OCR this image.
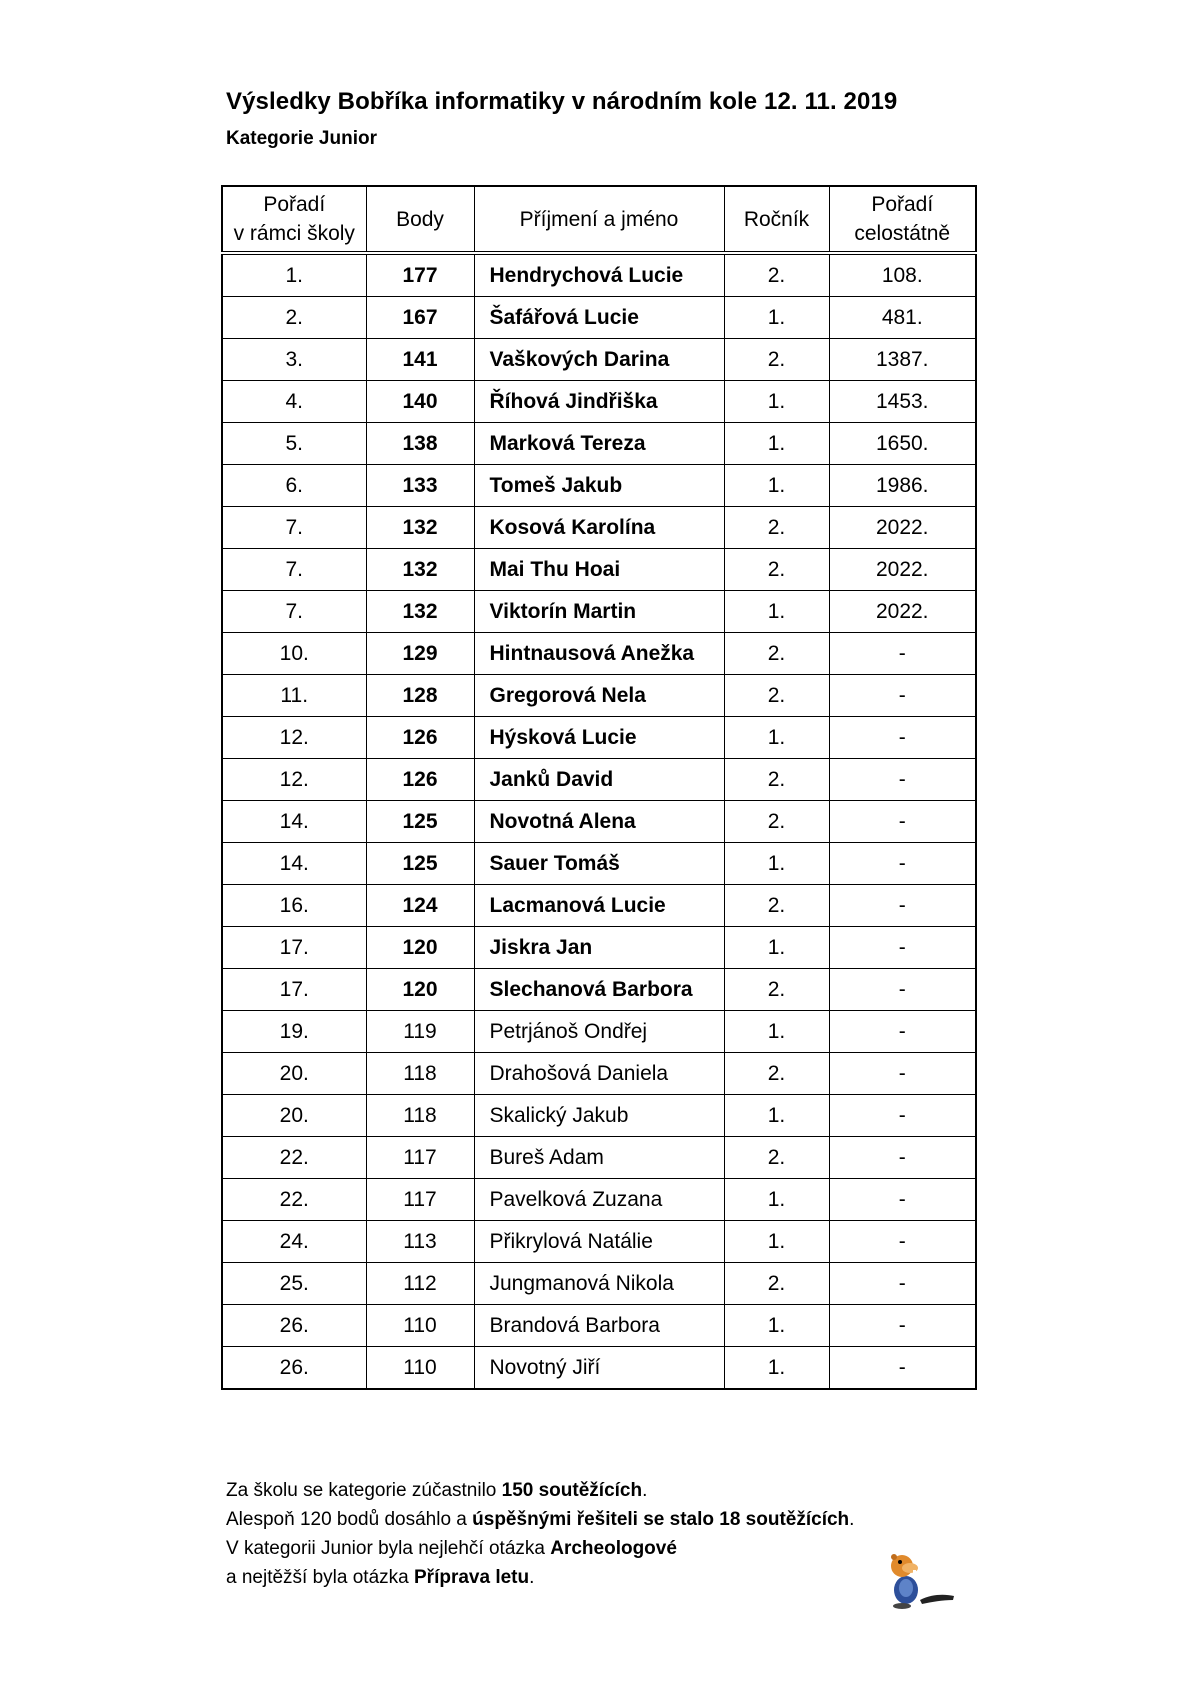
Výsledky Bobříka informatiky v národním kole 12. 11. 2019
Kategorie Junior
Pořadí
v rámci školy	Body	Příjmení a jméno	Ročník	Pořadí
celostátně
1.	177	Hendrychová Lucie	2.	108.
2.	167	Šafářová Lucie	1.	481.
3.	141	Vaškových Darina	2.	1387.
4.	140	Říhová Jindřiška	1.	1453.
5.	138	Marková Tereza	1.	1650.
6.	133	Tomeš Jakub	1.	1986.
7.	132	Kosová Karolína	2.	2022.
7.	132	Mai Thu Hoai	2.	2022.
7.	132	Viktorín Martin	1.	2022.
10.	129	Hintnausová Anežka	2.	-
11.	128	Gregorová Nela	2.	-
12.	126	Hýsková Lucie	1.	-
12.	126	Janků David	2.	-
14.	125	Novotná Alena	2.	-
14.	125	Sauer Tomáš	1.	-
16.	124	Lacmanová Lucie	2.	-
17.	120	Jiskra Jan	1.	-
17.	120	Slechanová Barbora	2.	-
19.	119	Petrjánoš Ondřej	1.	-
20.	118	Drahošová Daniela	2.	-
20.	118	Skalický Jakub	1.	-
22.	117	Bureš Adam	2.	-
22.	117	Pavelková Zuzana	1.	-
24.	113	Přikrylová Natálie	1.	-
25.	112	Jungmanová Nikola	2.	-
26.	110	Brandová Barbora	1.	-
26.	110	Novotný Jiří	1.	-

Za školu se kategorie zúčastnilo 150 soutěžících.

Alespoň 120 bodů dosáhlo a úspěšnými řešiteli se stalo 18 soutěžících.

V kategorii Junior byla nejlehčí otázka Archeologové

a nejtěžší byla otázka Příprava letu.
